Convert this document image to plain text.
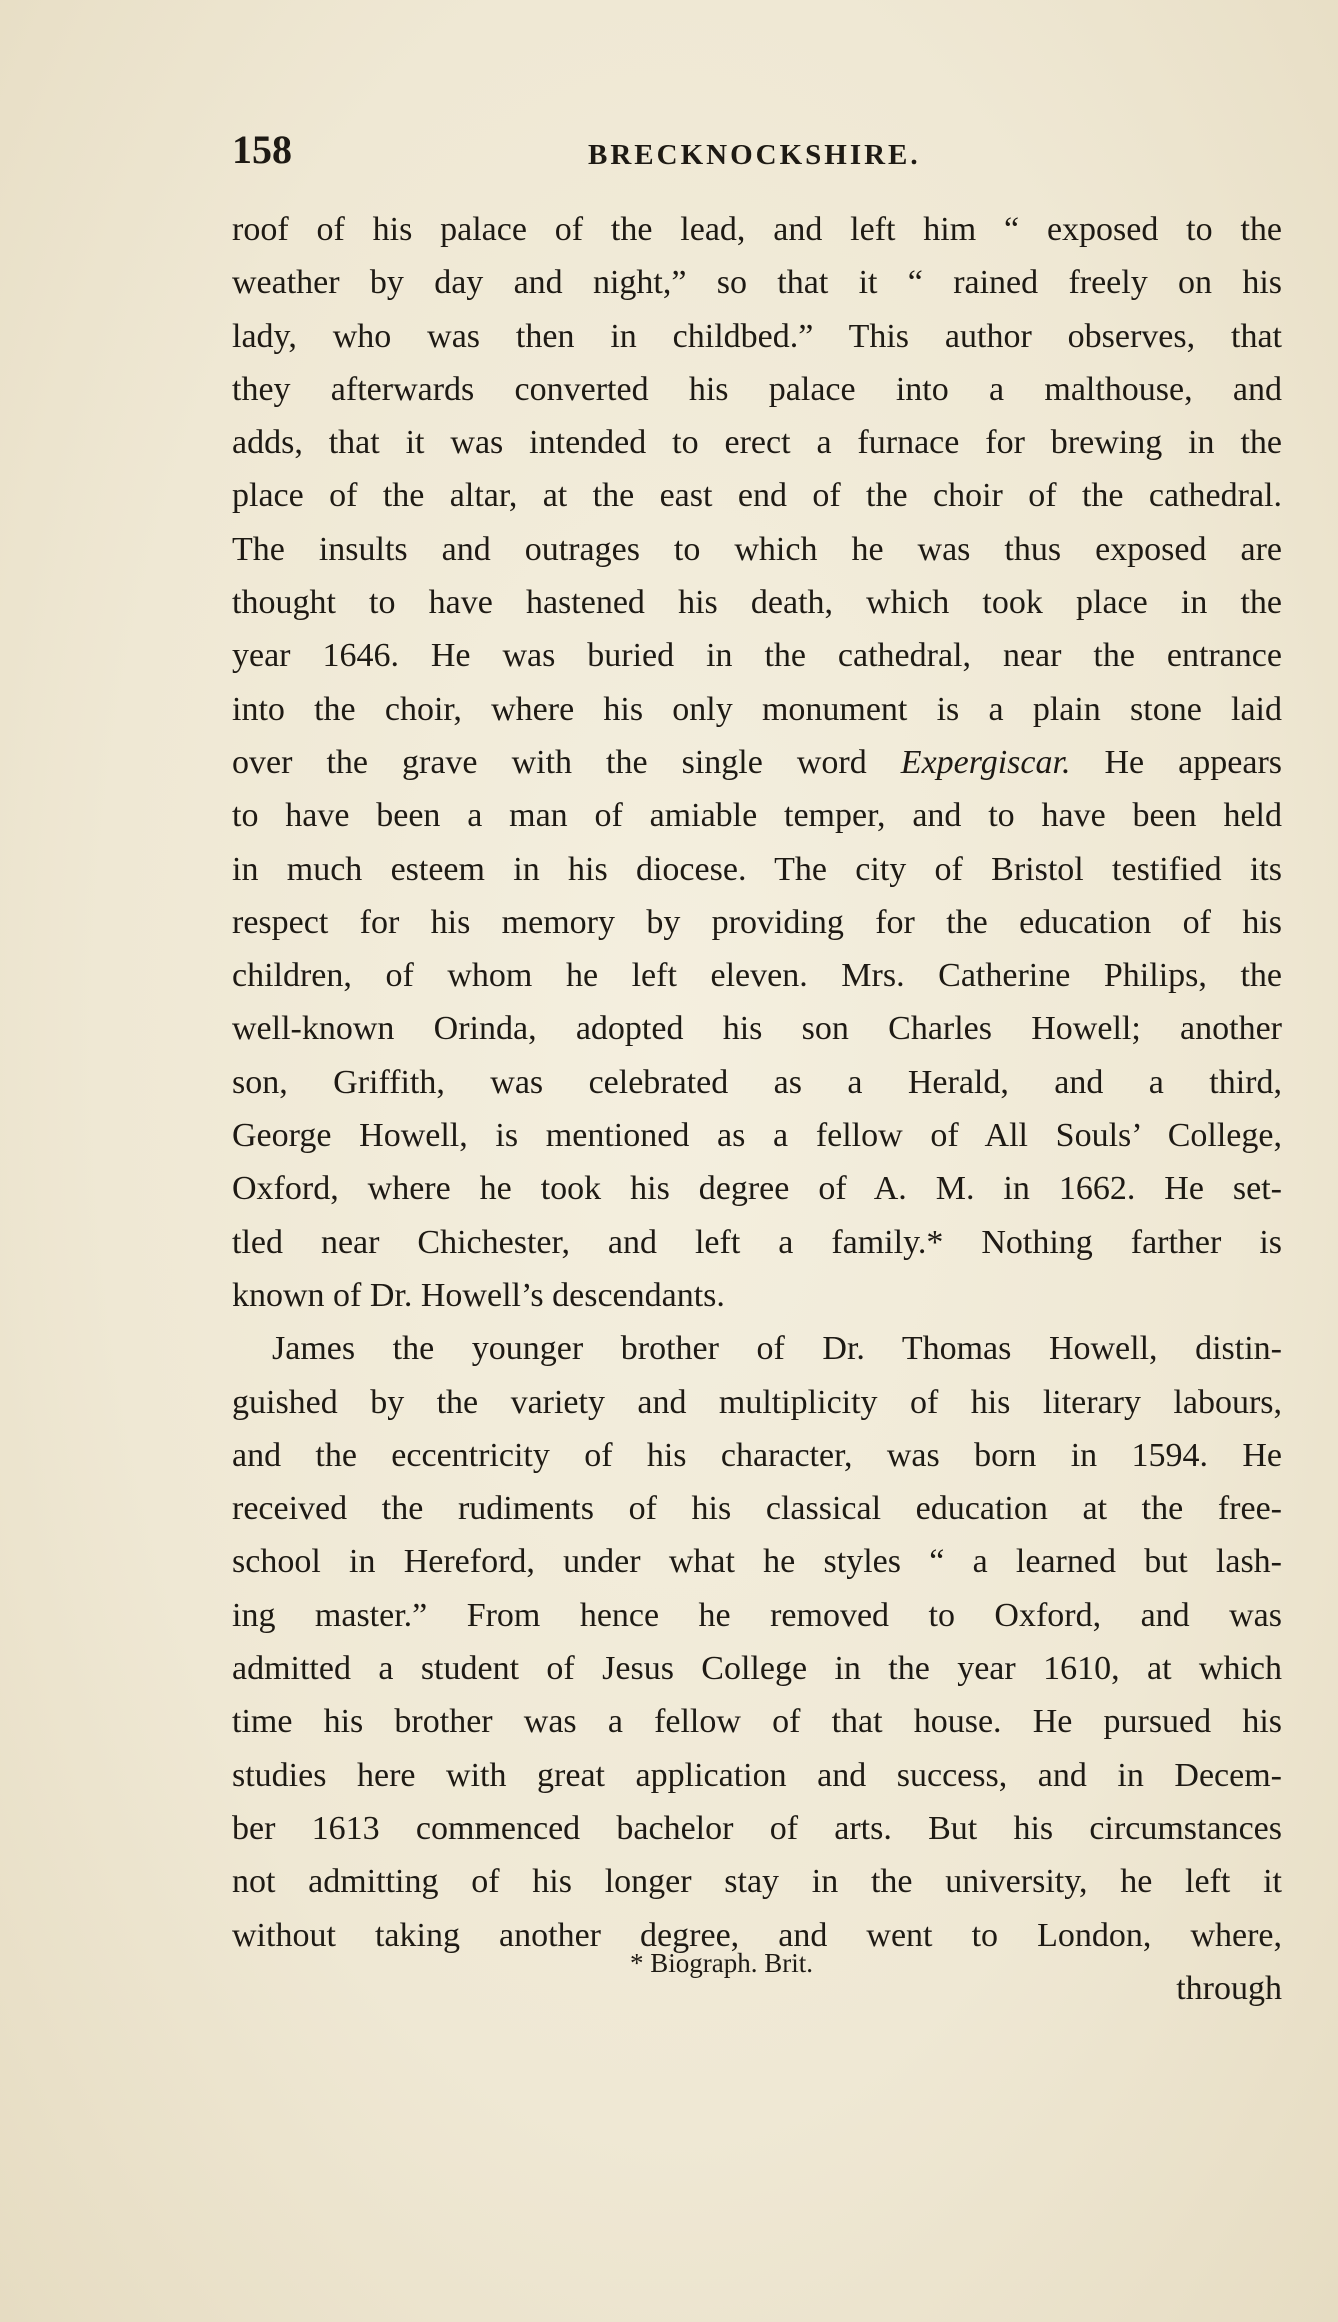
158	BRECKNOCKSHIRE.
roof of his palace of the lead, and left him “ exposed to the
weather by day and night,” so that it “ rained freely on his
lady, who was then in childbed.” This author observes, that
they afterwards converted his palace into a malthouse, and
adds, that it was intended to erect a furnace for brewing in the
place of the altar, at the east end of the choir of the cathedral.
The insults and outrages to which he was thus exposed are
thought to have hastened his death, which took place in the
year 1646. He was buried in the cathedral, near the entrance
into the choir, where his only monument is a plain stone laid
over the grave with the single word Expergiscar. He appears
to have been a man of amiable temper, and to have been held
in much esteem in his diocese. The city of Bristol testified its
respect for his memory by providing for the education of his
children, of whom he left eleven. Mrs. Catherine Philips, the
well-known Orinda, adopted his son Charles Howell; another
son, Griffith, was celebrated as a Herald, and a third,
George Howell, is mentioned as a fellow of All Souls’ College,
Oxford, where he took his degree of A. M. in 1662. He set-
tled near Chichester, and left a family.* Nothing farther is
known of Dr. Howell’s descendants.
James the younger brother of Dr. Thomas Howell, distin-
guished by the variety and multiplicity of his literary labours,
and the eccentricity of his character, was born in 1594. He
received the rudiments of his classical education at the free-
school in Hereford, under what he styles “ a learned but lash-
ing master.” From hence he removed to Oxford, and was
admitted a student of Jesus College in the year 1610, at which
time his brother was a fellow of that house. He pursued his
studies here with great application and success, and in Decem-
ber 1613 commenced bachelor of arts. But his circumstances
not admitting of his longer stay in the university, he left it
without taking another degree, and went to London, where,
through
* Biograph. Brit.
